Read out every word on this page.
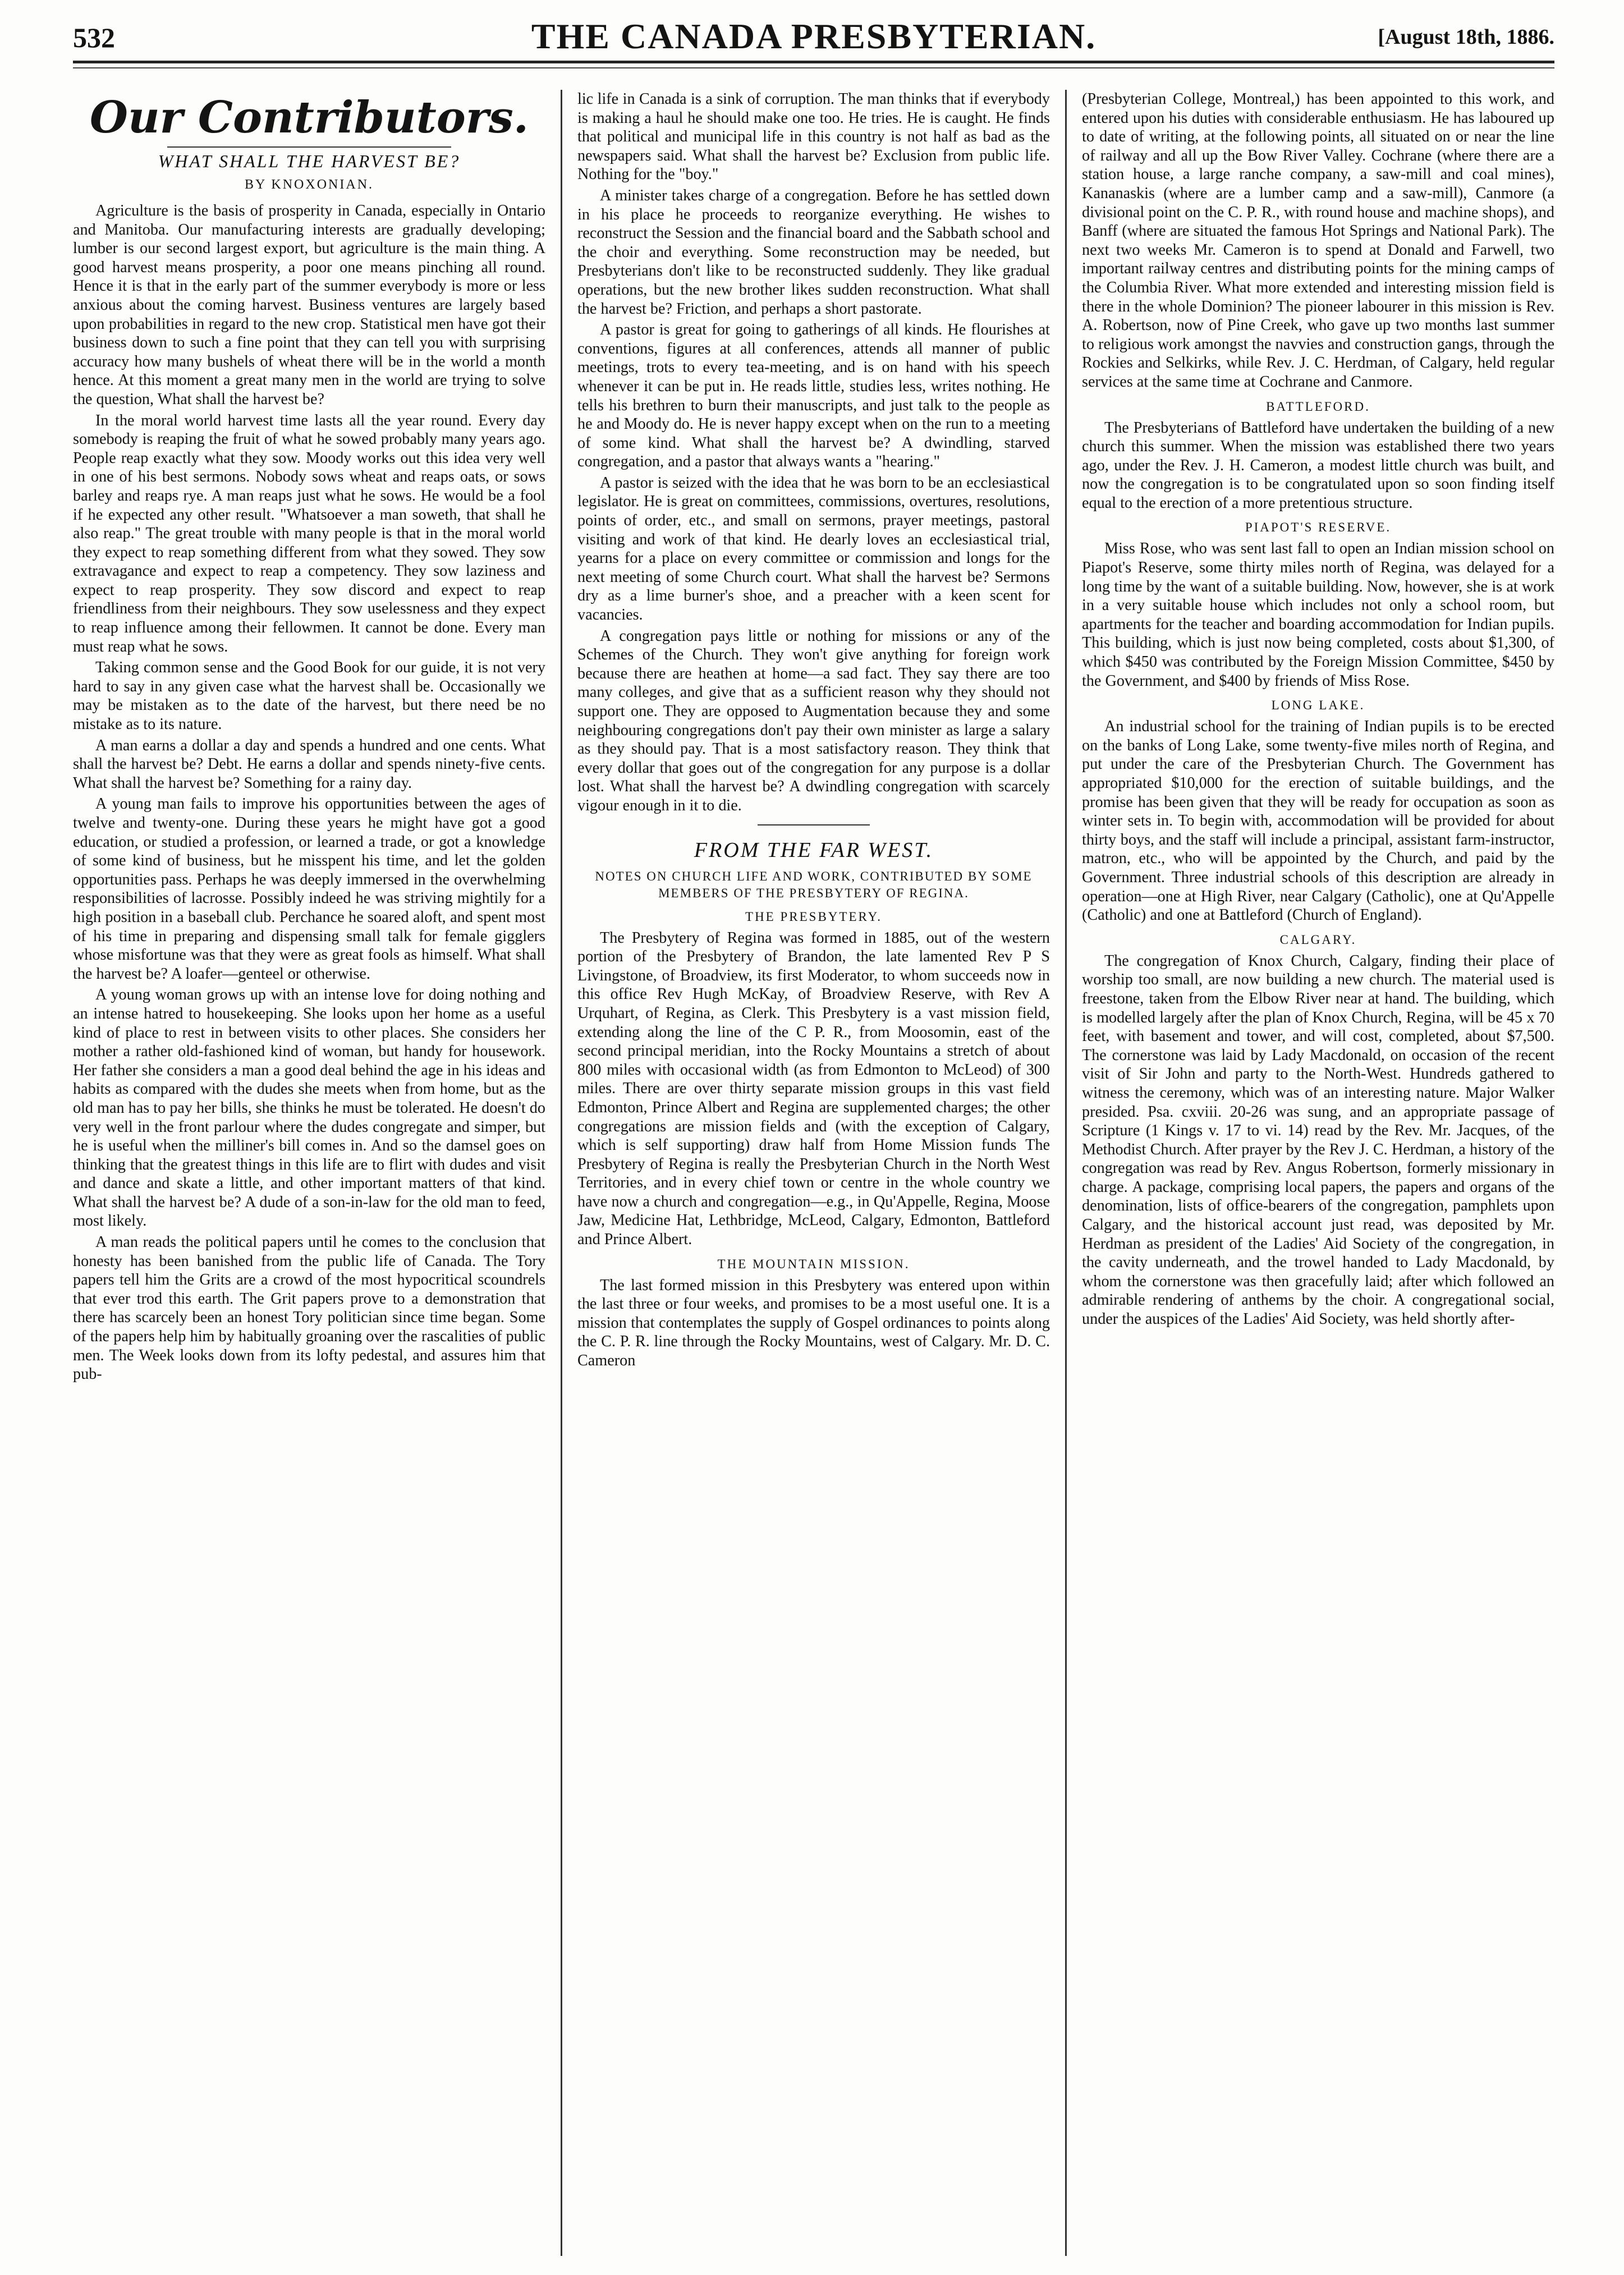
532	THE CANADA PRESBYTERIAN.	[August 18th, 1886.
Our Contributors.
WHAT SHALL THE HARVEST BE?
BY KNOXONIAN.

Agriculture is the basis of prosperity in Canada, especially in Ontario and Manitoba. Our manufacturing interests are gradually developing; lumber is our second largest export, but agriculture is the main thing. A good harvest means prosperity, a poor one means pinching all round. Hence it is that in the early part of the summer everybody is more or less anxious about the coming harvest. Business ventures are largely based upon probabilities in regard to the new crop. Statistical men have got their business down to such a fine point that they can tell you with surprising accuracy how many bushels of wheat there will be in the world a month hence. At this moment a great many men in the world are trying to solve the question, What shall the harvest be?

In the moral world harvest time lasts all the year round. Every day somebody is reaping the fruit of what he sowed probably many years ago. People reap exactly what they sow. Moody works out this idea very well in one of his best sermons. Nobody sows wheat and reaps oats, or sows barley and reaps rye. A man reaps just what he sows. He would be a fool if he expected any other result. "Whatsoever a man soweth, that shall he also reap." The great trouble with many people is that in the moral world they expect to reap something different from what they sowed. They sow extravagance and expect to reap a competency. They sow laziness and expect to reap prosperity. They sow discord and expect to reap friendliness from their neighbours. They sow uselessness and they expect to reap influence among their fellowmen. It cannot be done. Every man must reap what he sows.

Taking common sense and the Good Book for our guide, it is not very hard to say in any given case what the harvest shall be. Occasionally we may be mistaken as to the date of the harvest, but there need be no mistake as to its nature.

A man earns a dollar a day and spends a hundred and one cents. What shall the harvest be? Debt. He earns a dollar and spends ninety-five cents. What shall the harvest be? Something for a rainy day.

A young man fails to improve his opportunities between the ages of twelve and twenty-one. During these years he might have got a good education, or studied a profession, or learned a trade, or got a knowledge of some kind of business, but he misspent his time, and let the golden opportunities pass. Perhaps he was deeply immersed in the overwhelming responsibilities of lacrosse. Possibly indeed he was striving mightily for a high position in a baseball club. Perchance he soared aloft, and spent most of his time in preparing and dispensing small talk for female gigglers whose misfortune was that they were as great fools as himself. What shall the harvest be? A loafer—genteel or otherwise.

A young woman grows up with an intense love for doing nothing and an intense hatred to housekeeping. She looks upon her home as a useful kind of place to rest in between visits to other places. She considers her mother a rather old-fashioned kind of woman, but handy for housework. Her father she considers a man a good deal behind the age in his ideas and habits as compared with the dudes she meets when from home, but as the old man has to pay her bills, she thinks he must be tolerated. He doesn't do very well in the front parlour where the dudes congregate and simper, but he is useful when the milliner's bill comes in. And so the damsel goes on thinking that the greatest things in this life are to flirt with dudes and visit and dance and skate a little, and other important matters of that kind. What shall the harvest be? A dude of a son-in-law for the old man to feed, most likely.

A man reads the political papers until he comes to the conclusion that honesty has been banished from the public life of Canada. The Tory papers tell him the Grits are a crowd of the most hypocritical scoundrels that ever trod this earth. The Grit papers prove to a demonstration that there has scarcely been an honest Tory politician since time began. Some of the papers help him by habitually groaning over the rascalities of public men. The Week looks down from its lofty pedestal, and assures him that pub-

lic life in Canada is a sink of corruption. The man thinks that if everybody is making a haul he should make one too. He tries. He is caught. He finds that political and municipal life in this country is not half as bad as the newspapers said. What shall the harvest be? Exclusion from public life. Nothing for the "boy."

A minister takes charge of a congregation. Before he has settled down in his place he proceeds to reorganize everything. He wishes to reconstruct the Session and the financial board and the Sabbath school and the choir and everything. Some reconstruction may be needed, but Presbyterians don't like to be reconstructed suddenly. They like gradual operations, but the new brother likes sudden reconstruction. What shall the harvest be? Friction, and perhaps a short pastorate.

A pastor is great for going to gatherings of all kinds. He flourishes at conventions, figures at all conferences, attends all manner of public meetings, trots to every tea-meeting, and is on hand with his speech whenever it can be put in. He reads little, studies less, writes nothing. He tells his brethren to burn their manuscripts, and just talk to the people as he and Moody do. He is never happy except when on the run to a meeting of some kind. What shall the harvest be? A dwindling, starved congregation, and a pastor that always wants a "hearing."

A pastor is seized with the idea that he was born to be an ecclesiastical legislator. He is great on committees, commissions, overtures, resolutions, points of order, etc., and small on sermons, prayer meetings, pastoral visiting and work of that kind. He dearly loves an ecclesiastical trial, yearns for a place on every committee or commission and longs for the next meeting of some Church court. What shall the harvest be? Sermons dry as a lime burner's shoe, and a preacher with a keen scent for vacancies.

A congregation pays little or nothing for missions or any of the Schemes of the Church. They won't give anything for foreign work because there are heathen at home—a sad fact. They say there are too many colleges, and give that as a sufficient reason why they should not support one. They are opposed to Augmentation because they and some neighbouring congregations don't pay their own minister as large a salary as they should pay. That is a most satisfactory reason. They think that every dollar that goes out of the congregation for any purpose is a dollar lost. What shall the harvest be? A dwindling congregation with scarcely vigour enough in it to die.

FROM THE FAR WEST.
NOTES ON CHURCH LIFE AND WORK, CONTRIBUTED BY SOME MEMBERS OF THE PRESBYTERY OF REGINA.
THE PRESBYTERY.

The Presbytery of Regina was formed in 1885, out of the western portion of the Presbytery of Brandon, the late lamented Rev P S Livingstone, of Broadview, its first Moderator, to whom succeeds now in this office Rev Hugh McKay, of Broadview Reserve, with Rev A Urquhart, of Regina, as Clerk. This Presbytery is a vast mission field, extending along the line of the C P. R., from Moosomin, east of the second principal meridian, into the Rocky Mountains a stretch of about 800 miles with occasional width (as from Edmonton to McLeod) of 300 miles. There are over thirty separate mission groups in this vast field Edmonton, Prince Albert and Regina are supplemented charges; the other congregations are mission fields and (with the exception of Calgary, which is self supporting) draw half from Home Mission funds The Presbytery of Regina is really the Presbyterian Church in the North West Territories, and in every chief town or centre in the whole country we have now a church and congregation—e.g., in Qu'Appelle, Regina, Moose Jaw, Medicine Hat, Lethbridge, McLeod, Calgary, Edmonton, Battleford and Prince Albert.

THE MOUNTAIN MISSION.

The last formed mission in this Presbytery was entered upon within the last three or four weeks, and promises to be a most useful one. It is a mission that contemplates the supply of Gospel ordinances to points along the C. P. R. line through the Rocky Mountains, west of Calgary. Mr. D. C. Cameron

(Presbyterian College, Montreal,) has been appointed to this work, and entered upon his duties with considerable enthusiasm. He has laboured up to date of writing, at the following points, all situated on or near the line of railway and all up the Bow River Valley. Cochrane (where there are a station house, a large ranche company, a saw-mill and coal mines), Kananaskis (where are a lumber camp and a saw-mill), Canmore (a divisional point on the C. P. R., with round house and machine shops), and Banff (where are situated the famous Hot Springs and National Park). The next two weeks Mr. Cameron is to spend at Donald and Farwell, two important railway centres and distributing points for the mining camps of the Columbia River. What more extended and interesting mission field is there in the whole Dominion? The pioneer labourer in this mission is Rev. A. Robertson, now of Pine Creek, who gave up two months last summer to religious work amongst the navvies and construction gangs, through the Rockies and Selkirks, while Rev. J. C. Herdman, of Calgary, held regular services at the same time at Cochrane and Canmore.

BATTLEFORD.

The Presbyterians of Battleford have undertaken the building of a new church this summer. When the mission was established there two years ago, under the Rev. J. H. Cameron, a modest little church was built, and now the congregation is to be congratulated upon so soon finding itself equal to the erection of a more pretentious structure.

PIAPOT'S RESERVE.

Miss Rose, who was sent last fall to open an Indian mission school on Piapot's Reserve, some thirty miles north of Regina, was delayed for a long time by the want of a suitable building. Now, however, she is at work in a very suitable house which includes not only a school room, but apartments for the teacher and boarding accommodation for Indian pupils. This building, which is just now being completed, costs about $1,300, of which $450 was contributed by the Foreign Mission Committee, $450 by the Government, and $400 by friends of Miss Rose.

LONG LAKE.

An industrial school for the training of Indian pupils is to be erected on the banks of Long Lake, some twenty-five miles north of Regina, and put under the care of the Presbyterian Church. The Government has appropriated $10,000 for the erection of suitable buildings, and the promise has been given that they will be ready for occupation as soon as winter sets in. To begin with, accommodation will be provided for about thirty boys, and the staff will include a principal, assistant farm-instructor, matron, etc., who will be appointed by the Church, and paid by the Government. Three industrial schools of this description are already in operation—one at High River, near Calgary (Catholic), one at Qu'Appelle (Catholic) and one at Battleford (Church of England).

CALGARY.

The congregation of Knox Church, Calgary, finding their place of worship too small, are now building a new church. The material used is freestone, taken from the Elbow River near at hand. The building, which is modelled largely after the plan of Knox Church, Regina, will be 45 x 70 feet, with basement and tower, and will cost, completed, about $7,500. The cornerstone was laid by Lady Macdonald, on occasion of the recent visit of Sir John and party to the North-West. Hundreds gathered to witness the ceremony, which was of an interesting nature. Major Walker presided. Psa. cxviii. 20-26 was sung, and an appropriate passage of Scripture (1 Kings v. 17 to vi. 14) read by the Rev. Mr. Jacques, of the Methodist Church. After prayer by the Rev J. C. Herdman, a history of the congregation was read by Rev. Angus Robertson, formerly missionary in charge. A package, comprising local papers, the papers and organs of the denomination, lists of office-bearers of the congregation, pamphlets upon Calgary, and the historical account just read, was deposited by Mr. Herdman as president of the Ladies' Aid Society of the congregation, in the cavity underneath, and the trowel handed to Lady Macdonald, by whom the cornerstone was then gracefully laid; after which followed an admirable rendering of anthems by the choir. A congregational social, under the auspices of the Ladies' Aid Society, was held shortly after-
